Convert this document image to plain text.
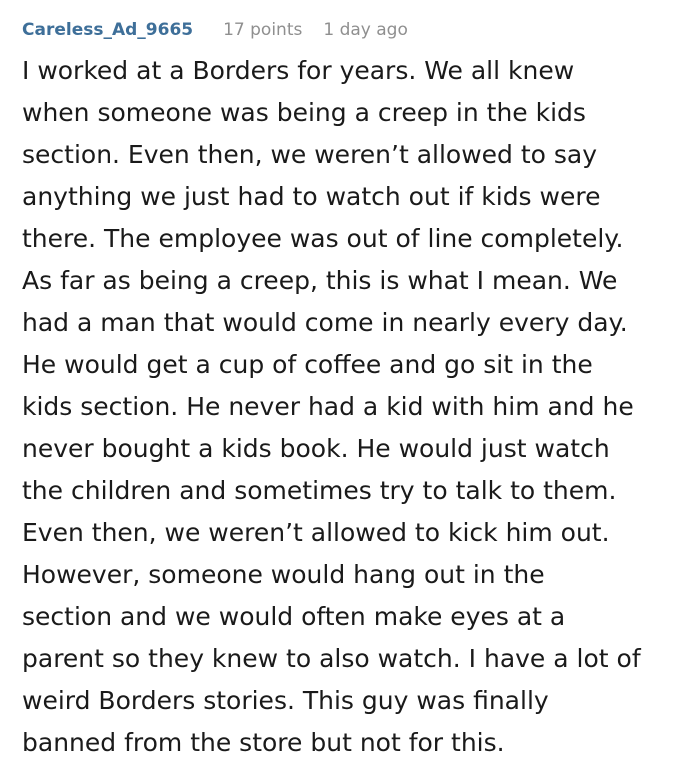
Careless_Ad_9665 17 points 1 day ago
I worked at a Borders for years. We all knew
when someone was being a creep in the kids
section. Even then, we weren’t allowed to say
anything we just had to watch out if kids were
there. The employee was out of line completely.
As far as being a creep, this is what I mean. We
had a man that would come in nearly every day.
He would get a cup of coffee and go sit in the
kids section. He never had a kid with him and he
never bought a kids book. He would just watch
the children and sometimes try to talk to them.
Even then, we weren’t allowed to kick him out.
However, someone would hang out in the
section and we would often make eyes at a
parent so they knew to also watch. I have a lot of
weird Borders stories. This guy was finally
banned from the store but not for this.
